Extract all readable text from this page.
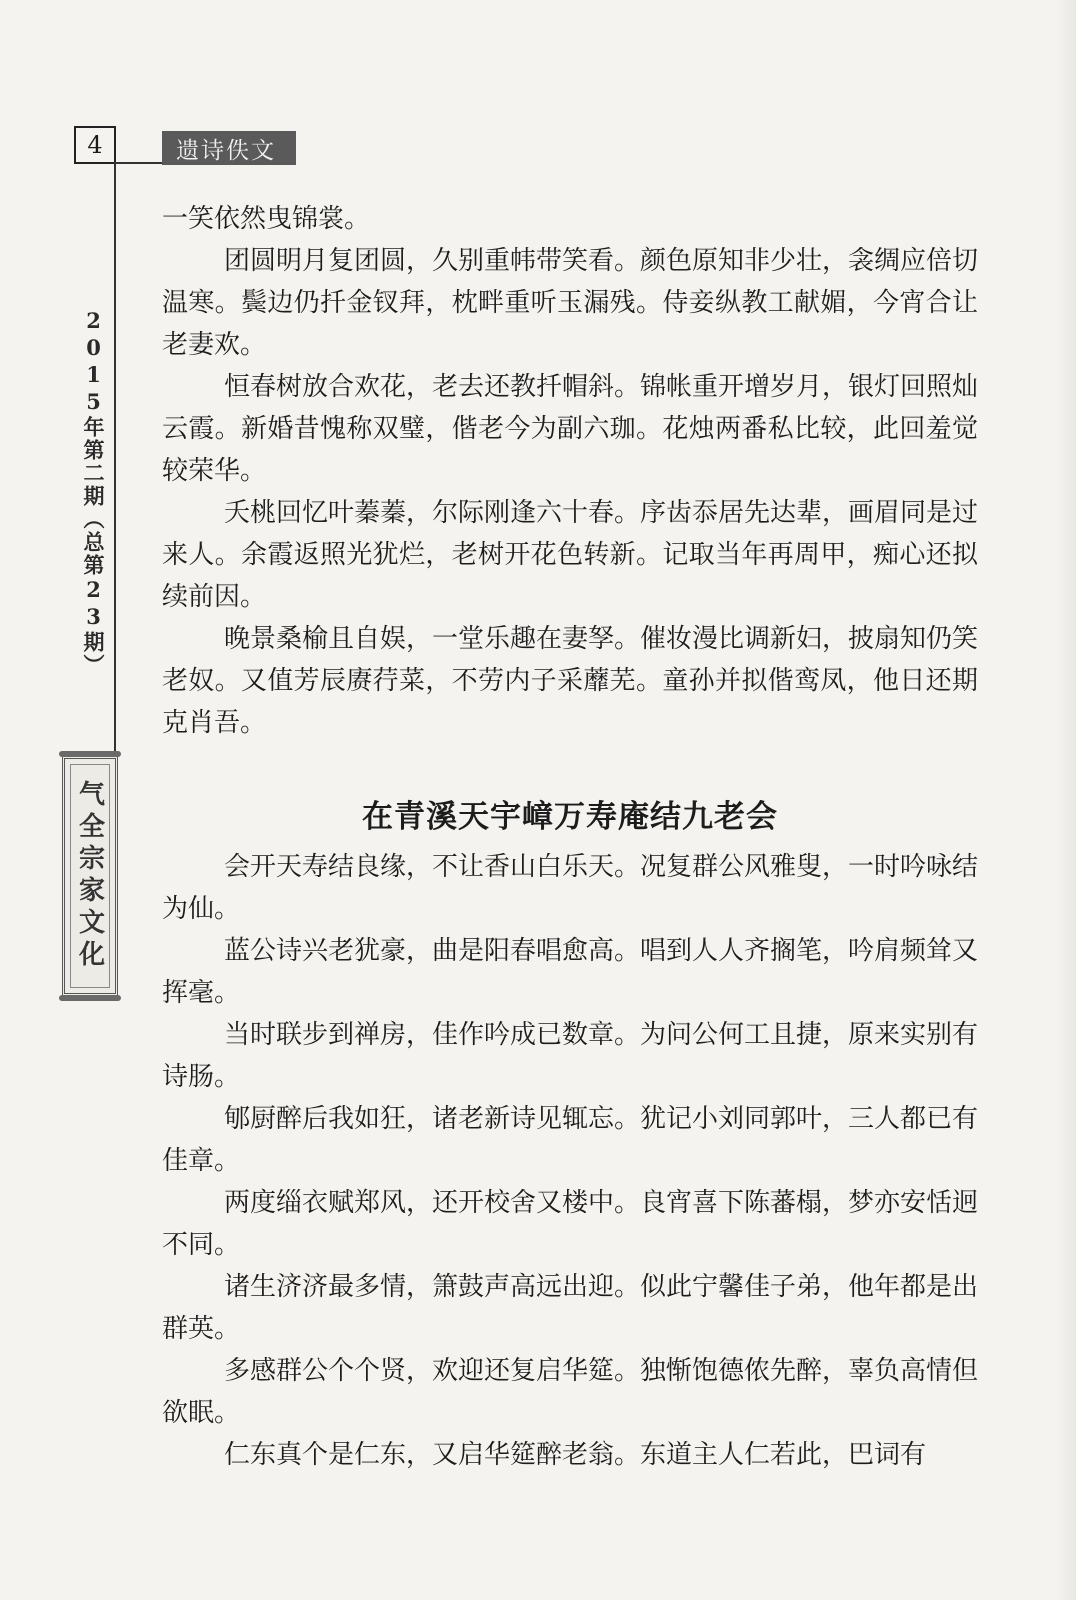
4	遗诗佚文
2015年第二期（总第23期）
气全宗家文化

一笑依然曳锦裳。

团圆明月复团圆，久别重帏带笑看。颜色原知非少壮，衾绸应倍切温寒。鬓边仍扦金钗拜，枕畔重听玉漏残。侍妾纵教工献媚，今宵合让老妻欢。

恒春树放合欢花，老去还教扦帽斜。锦帐重开增岁月，银灯回照灿云霞。新婚昔愧称双璧，偕老今为副六珈。花烛两番私比较，此回羞觉较荣华。

夭桃回忆叶蓁蓁，尔际刚逢六十春。序齿忝居先达辈，画眉同是过来人。余霞返照光犹烂，老树开花色转新。记取当年再周甲，痴心还拟续前因。

晚景桑榆且自娱，一堂乐趣在妻孥。催妆漫比调新妇，披扇知仍笑老奴。又值芳辰赓荇菜，不劳内子采蘼芜。童孙并拟偕鸾凤，他日还期克肖吾。

在青溪天宇嶂万寿庵结九老会

会开天寿结良缘，不让香山白乐天。况复群公风雅叟，一时吟咏结为仙。

蓝公诗兴老犹豪，曲是阳春唱愈高。唱到人人齐搁笔，吟肩频耸又挥毫。

当时联步到禅房，佳作吟成已数章。为问公何工且捷，原来实别有诗肠。

郇厨醉后我如狂，诸老新诗见辄忘。犹记小刘同郭叶，三人都已有佳章。

两度缁衣赋郑风，还开校舍又楼中。良宵喜下陈蕃榻，梦亦安恬迥不同。

诸生济济最多情，箫鼓声高远出迎。似此宁馨佳子弟，他年都是出群英。

多感群公个个贤，欢迎还复启华筵。独惭饱德侬先醉，辜负高情但欲眠。

仁东真个是仁东，又启华筵醉老翁。东道主人仁若此，巴词有
